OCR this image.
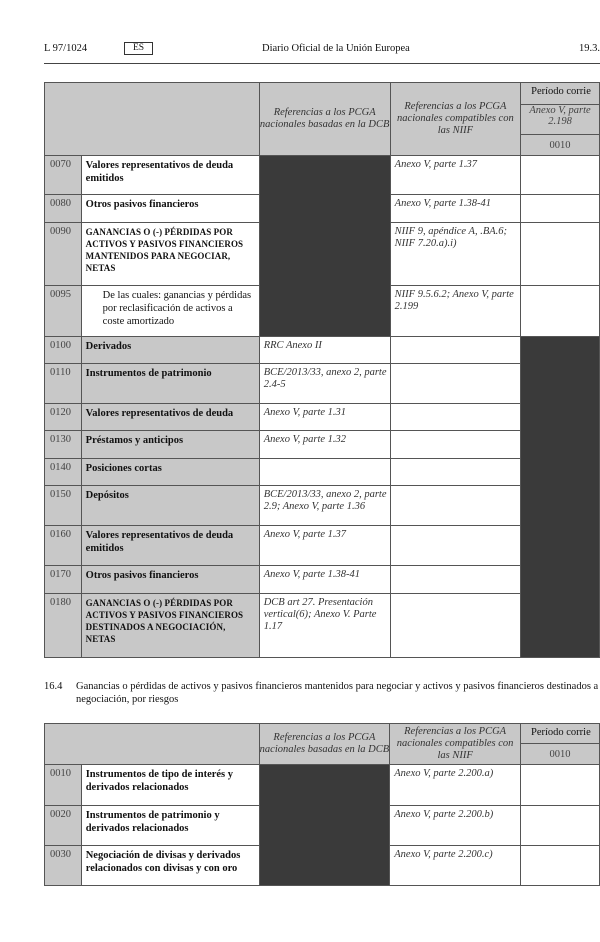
L 97/1024	ES	Diario Oficial de la Unión Europea	19.3.
		Referencias a los PCGA nacionales basadas en la DCB	Referencias a los PCGA nacionales compatibles con las NIIF	Período corrie
				Anexo V, parte 2.198
				0010
0070	Valores representativos de deuda emitidos		Anexo V, parte 1.37	
0080	Otros pasivos financieros		Anexo V, parte 1.38-41	
0090	GANANCIAS O (-) PÉRDIDAS POR ACTIVOS Y PASIVOS FINANCIEROS MANTENIDOS PARA NEGOCIAR, NETAS		NIIF 9, apéndice A, .BA.6; NIIF 7.20.a).i)	
0095	De las cuales: ganancias y pérdidas por reclasificación de activos a coste amortizado		NIIF 9.5.6.2; Anexo V, parte 2.199	
0100	Derivados	RRC Anexo II		
0110	Instrumentos de patrimonio	BCE/2013/33, anexo 2, parte 2.4-5		
0120	Valores representativos de deuda	Anexo V, parte 1.31		
0130	Préstamos y anticipos	Anexo V, parte 1.32		
0140	Posiciones cortas			
0150	Depósitos	BCE/2013/33, anexo 2, parte 2.9; Anexo V, parte 1.36		
0160	Valores representativos de deuda emitidos	Anexo V, parte 1.37		
0170	Otros pasivos financieros	Anexo V, parte 1.38-41		
0180	GANANCIAS O (-) PÉRDIDAS POR ACTIVOS Y PASIVOS FINANCIEROS DESTINADOS A NEGOCIACIÓN, NETAS	DCB art 27. Presentación vertical(6); Anexo V. Parte 1.17		
16.4 Ganancias o pérdidas de activos y pasivos financieros mantenidos para negociar y activos y pasivos financieros destinados a negociación, por riesgos
		Referencias a los PCGA nacionales basadas en la DCB	Referencias a los PCGA nacionales compatibles con las NIIF	Período corrie
				0010
0010	Instrumentos de tipo de interés y derivados relacionados		Anexo V, parte 2.200.a)	
0020	Instrumentos de patrimonio y derivados relacionados		Anexo V, parte 2.200.b)	
0030	Negociación de divisas y derivados relacionados con divisas y con oro		Anexo V, parte 2.200.c)	
